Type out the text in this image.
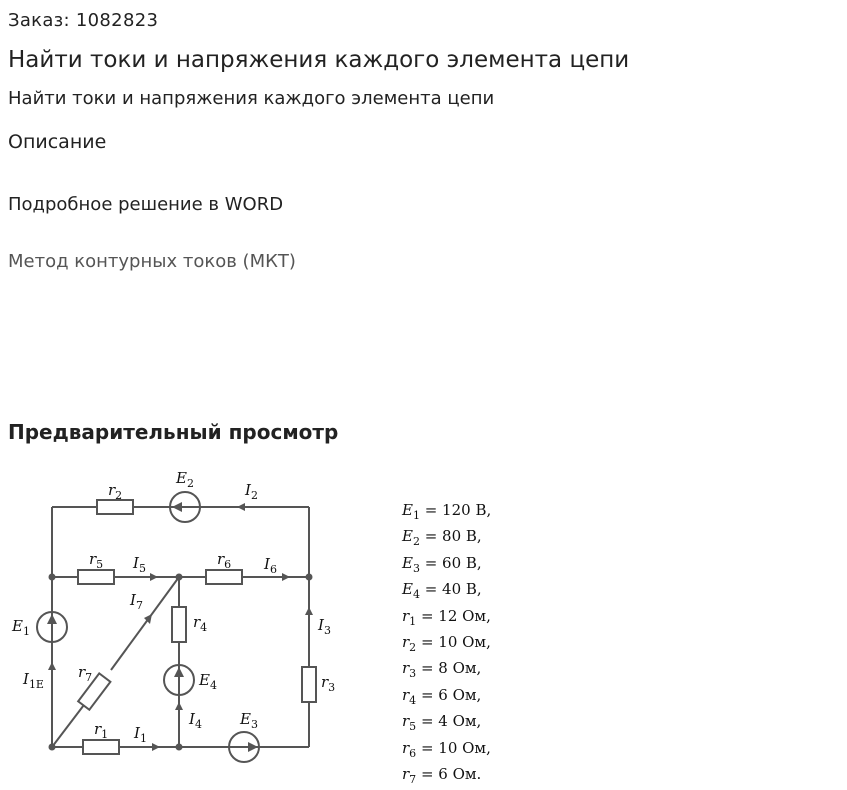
Заказ: 1082823
Найти токи и напряжения каждого элемента цепи
Найти токи и напряжения каждого элемента цепи
Описание
Подробное решение в WORD
Метод контурных токов (МКТ)
Предварительный просмотр
$r_2$
$E_2$	$I_2$
$r_5$ $I_5$
$r_6$ $I_6$
$I_7$
$r_4$	$I_3$
$E_1$
$r_7$	$E_4$	$r_3$
$I_{1E}$
$I_4$	$E_3$
$r_1$ $I_1$
$E_1 = 120$ В,
$E_2 = 80$ В,
$E_3 = 60$ В,
$E_4 = 40$ В,
$r_1 = 12$ Ом,
$r_2 = 10$ Ом,
$r_3 = 8$ Ом,
$r_4 = 6$ Ом,
$r_5 = 4$ Ом,
$r_6 = 10$ Ом,
$r_7 = 6$ Ом.
